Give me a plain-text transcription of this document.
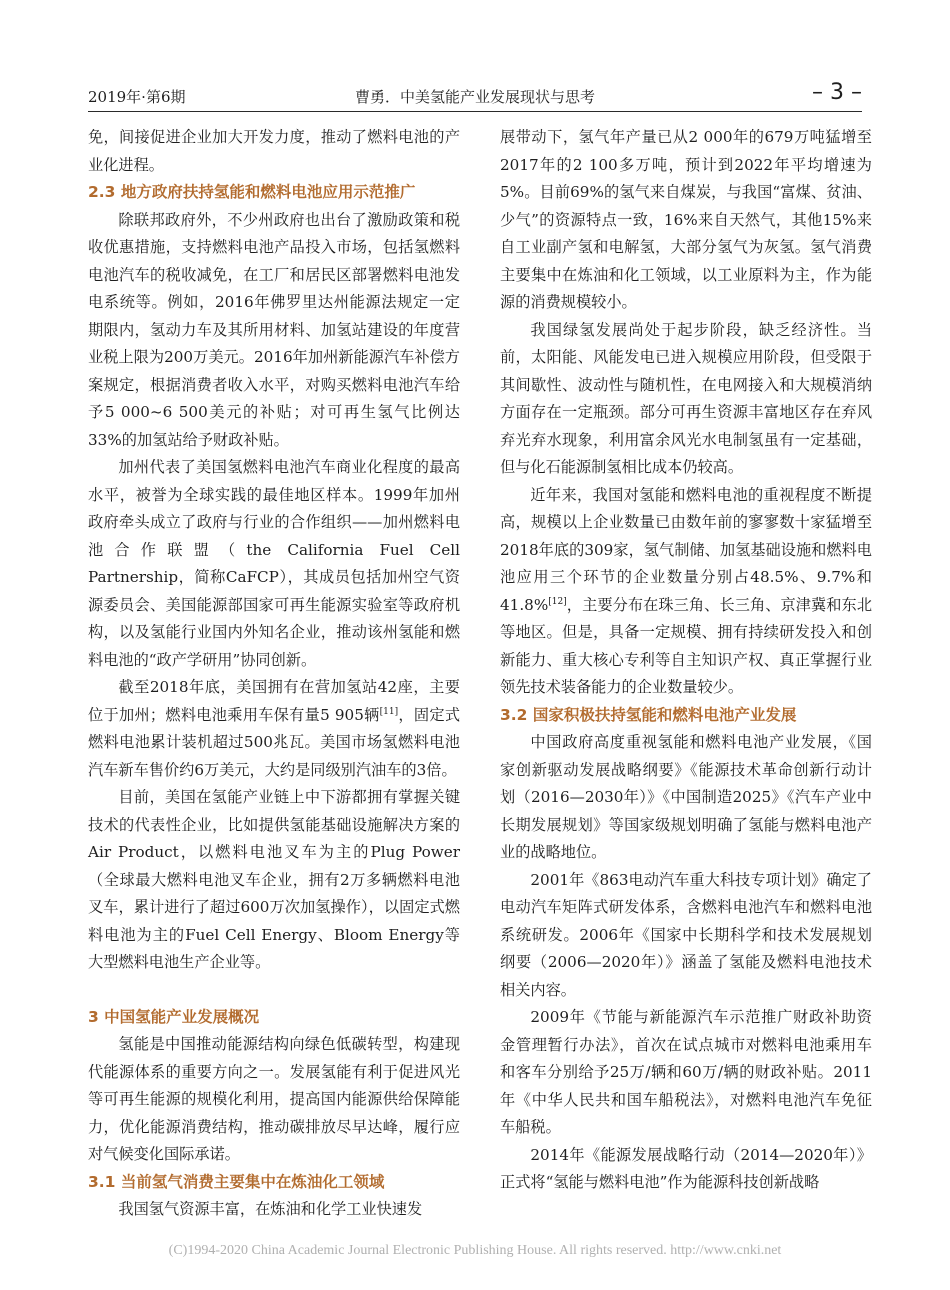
2019年·第6期	曹勇．中美氢能产业发展现状与思考	– 3 –

免，间接促进企业加大开发力度，推动了燃料电池的产业化进程。

2.3 地方政府扶持氢能和燃料电池应用示范推广

除联邦政府外，不少州政府也出台了激励政策和税收优惠措施，支持燃料电池产品投入市场，包括氢燃料电池汽车的税收减免，在工厂和居民区部署燃料电池发电系统等。例如，2016年佛罗里达州能源法规定一定期限内，氢动力车及其所用材料、加氢站建设的年度营业税上限为200万美元。2016年加州新能源汽车补偿方案规定，根据消费者收入水平，对购买燃料电池汽车给予5 000~6 500美元的补贴；对可再生氢气比例达33%的加氢站给予财政补贴。

加州代表了美国氢燃料电池汽车商业化程度的最高水平，被誉为全球实践的最佳地区样本。1999年加州政府牵头成立了政府与行业的合作组织——加州燃料电池合作联盟（the California Fuel Cell Partnership，简称CaFCP），其成员包括加州空气资源委员会、美国能源部国家可再生能源实验室等政府机构，以及氢能行业国内外知名企业，推动该州氢能和燃料电池的“政产学研用”协同创新。

截至2018年底，美国拥有在营加氢站42座，主要位于加州；燃料电池乘用车保有量5 905辆[11]，固定式燃料电池累计装机超过500兆瓦。美国市场氢燃料电池汽车新车售价约6万美元，大约是同级别汽油车的3倍。

目前，美国在氢能产业链上中下游都拥有掌握关键技术的代表性企业，比如提供氢能基础设施解决方案的Air Product，以燃料电池叉车为主的Plug Power（全球最大燃料电池叉车企业，拥有2万多辆燃料电池叉车，累计进行了超过600万次加氢操作），以固定式燃料电池为主的Fuel Cell Energy、Bloom Energy等大型燃料电池生产企业等。

3 中国氢能产业发展概况

氢能是中国推动能源结构向绿色低碳转型，构建现代能源体系的重要方向之一。发展氢能有利于促进风光等可再生能源的规模化利用，提高国内能源供给保障能力，优化能源消费结构，推动碳排放尽早达峰，履行应对气候变化国际承诺。

3.1 当前氢气消费主要集中在炼油化工领域

我国氢气资源丰富，在炼油和化学工业快速发

展带动下，氢气年产量已从2 000年的679万吨猛增至2017年的2 100多万吨，预计到2022年平均增速为5%。目前69%的氢气来自煤炭，与我国“富煤、贫油、少气”的资源特点一致，16%来自天然气，其他15%来自工业副产氢和电解氢，大部分氢气为灰氢。氢气消费主要集中在炼油和化工领域，以工业原料为主，作为能源的消费规模较小。

我国绿氢发展尚处于起步阶段，缺乏经济性。当前，太阳能、风能发电已进入规模应用阶段，但受限于其间歇性、波动性与随机性，在电网接入和大规模消纳方面存在一定瓶颈。部分可再生资源丰富地区存在弃风弃光弃水现象，利用富余风光水电制氢虽有一定基础，但与化石能源制氢相比成本仍较高。

近年来，我国对氢能和燃料电池的重视程度不断提高，规模以上企业数量已由数年前的寥寥数十家猛增至2018年底的309家，氢气制储、加氢基础设施和燃料电池应用三个环节的企业数量分别占48.5%、9.7%和41.8%[12]，主要分布在珠三角、长三角、京津冀和东北等地区。但是，具备一定规模、拥有持续研发投入和创新能力、重大核心专利等自主知识产权、真正掌握行业领先技术装备能力的企业数量较少。

3.2 国家积极扶持氢能和燃料电池产业发展

中国政府高度重视氢能和燃料电池产业发展，《国家创新驱动发展战略纲要》《能源技术革命创新行动计划（2016—2030年）》《中国制造2025》《汽车产业中长期发展规划》等国家级规划明确了氢能与燃料电池产业的战略地位。

2001年《863电动汽车重大科技专项计划》确定了电动汽车矩阵式研发体系，含燃料电池汽车和燃料电池系统研发。2006年《国家中长期科学和技术发展规划纲要（2006—2020年）》涵盖了氢能及燃料电池技术相关内容。

2009年《节能与新能源汽车示范推广财政补助资金管理暂行办法》，首次在试点城市对燃料电池乘用车和客车分别给予25万/辆和60万/辆的财政补贴。2011年《中华人民共和国车船税法》，对燃料电池汽车免征车船税。

2014年《能源发展战略行动（2014—2020年）》正式将“氢能与燃料电池”作为能源科技创新战略

(C)1994-2020 China Academic Journal Electronic Publishing House. All rights reserved. http://www.cnki.net
